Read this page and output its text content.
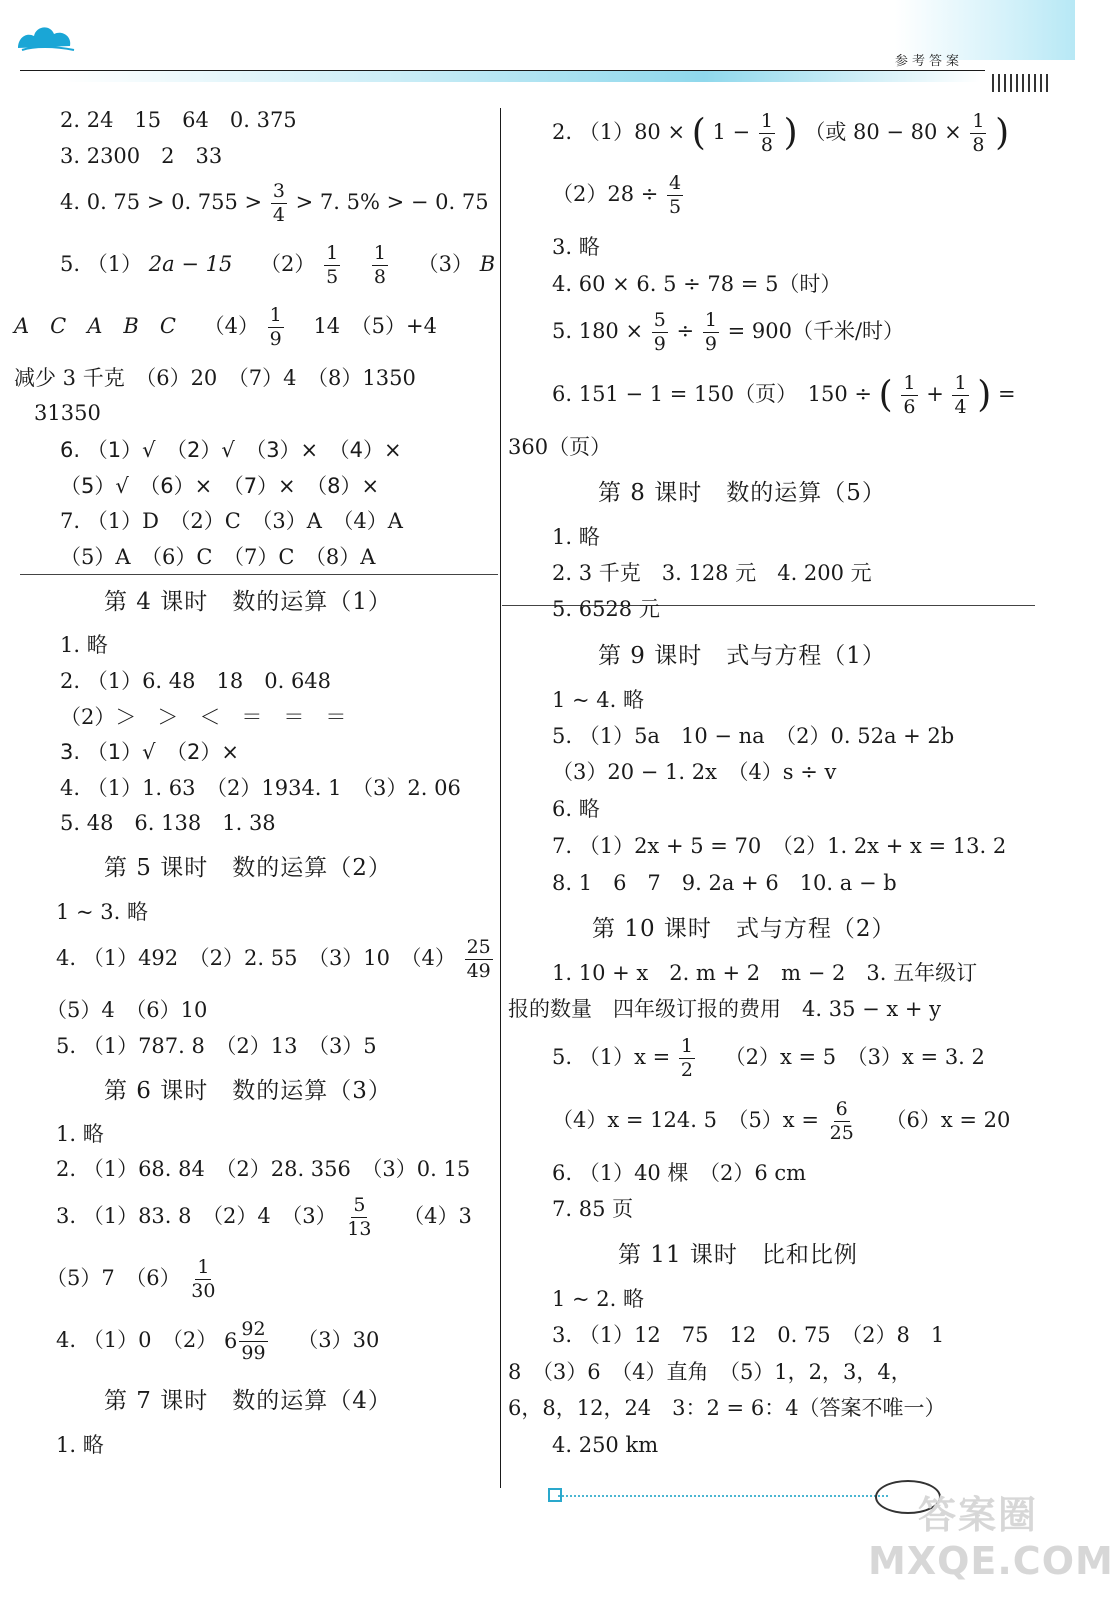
参考答案
2. 24　15　64　0. 375
3. 2300　2　33
4. 0. 75 > 0. $755 > \frac{3}{4} > 7$. 5% > − 0. 75
5. （1） 2a − 15　 $(2) \frac{1}{5}$
　 $\frac{1}{8}$
　 （3） B
A　C　A　B　C　 $(4) \frac{1}{9}$
　 14　（5）+4
减少 3 千克　（6）20　（7）4　（8）1350
31350
6. （1）√　（2）√　（3）×　（4）×
（5）√　（6）×　（7）×　（8）×
7. （1）D　（2）C　（3）A　（4）A
（5）A　（6）C　（7）C　（8）A
第 4 课时　数的运算（1）
1. 略
2. （1）6. 48　18　0. 648
（2）＞　＞　＜　＝　＝　＝
3. （1）√　（2）×
4. （1）1. 63　（2）1934. 1　（3）2. 06
5. 48　6. 138　1. 38
第 5 课时　数的运算（2）
1 ~ 3. 略
4. （1）492　（2）2. 55　（3）10　$(4) \frac{25}{49}$
（5）4　（6）10
5. （1）787. 8　（2）13　（3）5
第 6 课时　数的运算（3）
1. 略
2. （1）68. 84　（2）28. 356　（3）0. 15
3. （1）83. 8　（2）4　$(3) \frac{5}{13}$
　 （4）3
（5）7　$(6) \frac{1}{30}$
4. （1）0　（2） $6 \frac{92}{99}$
　 （3）30
第 7 课时　数的运算（4）
1. 略
2. （1）80 × ( $1 - \frac{1}{8}$ ) （或 $80 - 80 \times \frac{1}{8}$ )
$(2)28 \div \frac{4}{5}$
3. 略
4. 60 × 6. 5 ÷ 78 = 5（时）
5. $180 \times \frac{5}{9} \div \frac{1}{9} = 900$（千米/时）
6. 151 − 1 = 150（页）　150 ÷ ( $\frac{1}{6} + \frac{1}{4}$ ) =
360（页）
第 8 课时　数的运算（5）
1. 略
2. 3 千克　3. 128 元　4. 200 元
5. 6528 元
第 9 课时　式与方程（1）
1 ~ 4. 略
5. （1）5a　10 − na　（2）0. 52a + 2b
（3）20 − 1. 2x　（4）s ÷ v
6. 略
7. （1）2x + 5 = 70　（2）1. 2x + x = 13. 2
8. 1　6　7　9. 2a + 6　10. a − b
第 10 课时　式与方程（2）
1. 10 + x　2. m + 2　m − 2　3. 五年级订
报的数量　四年级订报的费用　4. 35 − x + y
5. $(1)x = \frac{1}{2}$
　 （2）x = 5　（3）x = 3. 2
（4）x = 124. 5　$(5)x = \frac{6}{25}$
　 （6）x = 20
6. （1）40 棵　（2）6 cm
7. 85 页
第 11 课时　比和比例
1 ~ 2. 略
3. （1）12　75　12　0. 75　（2）8　1
8　（3）6　（4）直角　（5）1，2，3，4，
6，8，12，24　3：2 = 6：4（答案不唯一）
4. 250 km
答案圈
MXQE.COM
